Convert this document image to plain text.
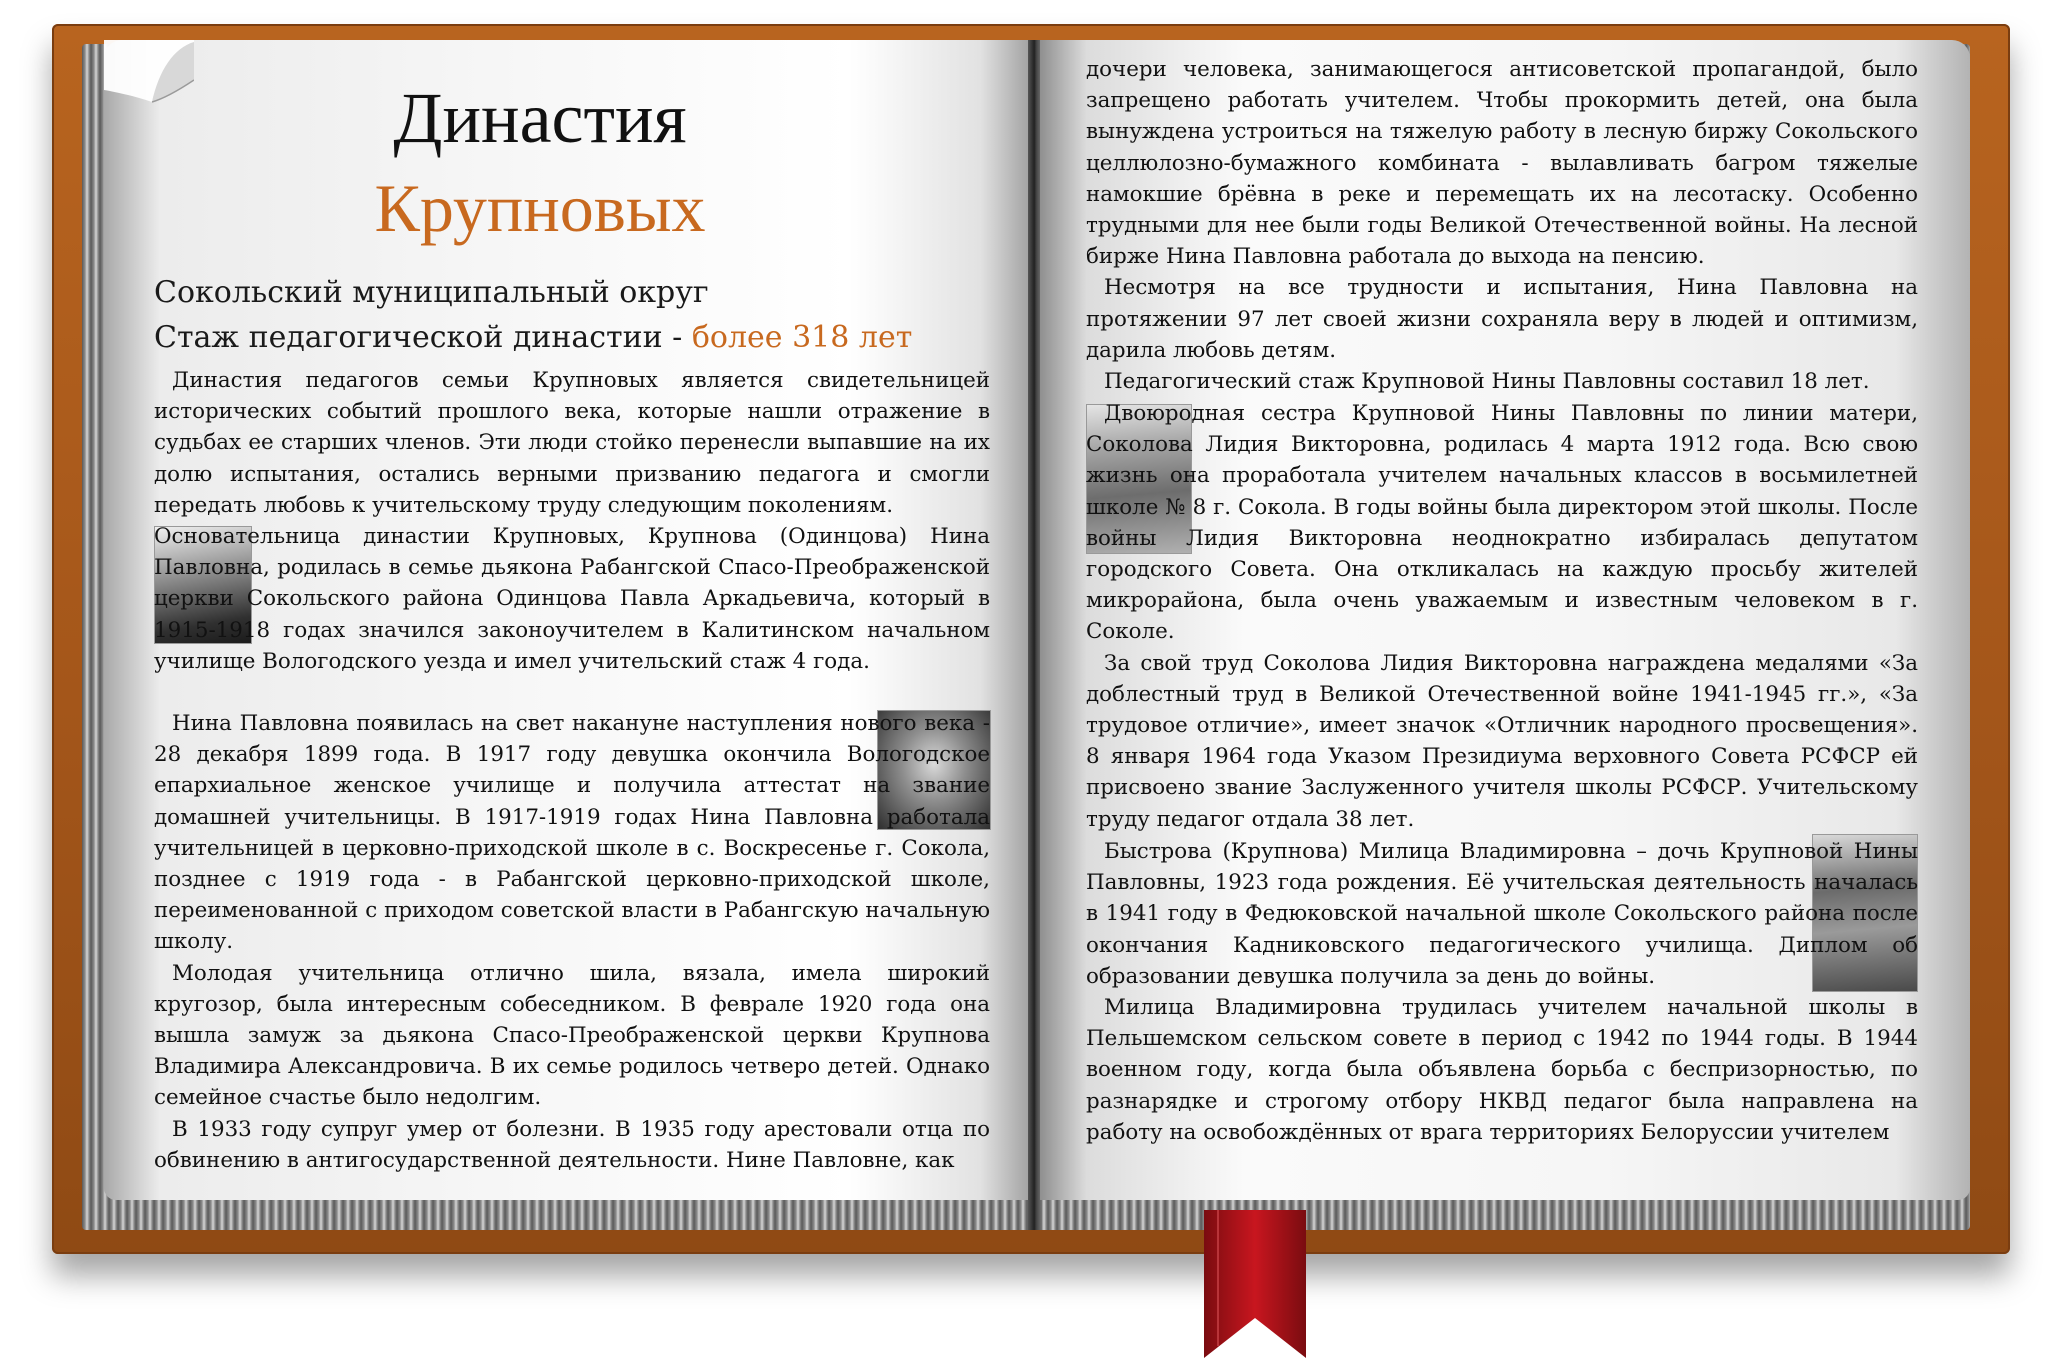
Династия
Крупновых
Сокольский муниципальный округ
Стаж педагогической династии - более 318 лет

Династия педагогов семьи Крупновых является свидетельницей исторических событий прошлого века, которые нашли отражение в судьбах ее старших членов. Эти люди стойко перенесли выпавшие на их долю испытания, остались верными призванию педагога и смогли передать любовь к учительскому труду следующим поколениям.

Основательница династии Крупновых, Крупнова (Одинцова) Нина Павловна, родилась в семье дьякона Рабангской Спасо-Преображенской церкви Сокольского района Одинцова Павла Аркадьевича, который в 1915-1918 годах значился законоучителем в Калитинском начальном училище Вологодского уезда и имел учительский стаж 4 года.

Нина Павловна появилась на свет накануне наступления нового века - 28 декабря 1899 года. В 1917 году девушка окончила Вологодское епархиальное женское училище и получила аттестат на звание домашней учительницы. В 1917-1919 годах Нина Павловна работала учительницей в церковно-приходской школе в с. Воскресенье г. Сокола, позднее с 1919 года - в Рабангской церковно-приходской школе, переименованной с приходом советской власти в Рабангскую начальную школу.

Молодая учительница отлично шила, вязала, имела широкий кругозор, была интересным собеседником. В феврале 1920 года она вышла замуж за дьякона Спасо-Преображенской церкви Крупнова Владимира Александровича. В их семье родилось четверо детей. Однако семейное счастье было недолгим.

В 1933 году супруг умер от болезни. В 1935 году арестовали отца по обвинению в антигосударственной деятельности. Нине Павловне, как

дочери человека, занимающегося антисоветской пропагандой, было запрещено работать учителем. Чтобы прокормить детей, она была вынуждена устроиться на тяжелую работу в лесную биржу Сокольского целлюлозно-бумажного комбината - вылавливать багром тяжелые намокшие брёвна в реке и перемещать их на лесотаску. Особенно трудными для нее были годы Великой Отечественной войны. На лесной бирже Нина Павловна работала до выхода на пенсию.

Несмотря на все трудности и испытания, Нина Павловна на протяжении 97 лет своей жизни сохраняла веру в людей и оптимизм, дарила любовь детям.

Педагогический стаж Крупновой Нины Павловны составил 18 лет.

Двоюродная сестра Крупновой Нины Павловны по линии матери, Соколова Лидия Викторовна, родилась 4 марта 1912 года. Всю свою жизнь она проработала учителем начальных классов в восьмилетней школе № 8 г. Сокола. В годы войны была директором этой школы. После войны Лидия Викторовна неоднократно избиралась депутатом городского Совета. Она откликалась на каждую просьбу жителей микрорайона, была очень уважаемым и известным человеком в г. Соколе.

За свой труд Соколова Лидия Викторовна награждена медалями «За доблестный труд в Великой Отечественной войне 1941-1945 гг.», «За трудовое отличие», имеет значок «Отличник народного просвещения». 8 января 1964 года Указом Президиума верховного Совета РСФСР ей присвоено звание Заслуженного учителя школы РСФСР. Учительскому труду педагог отдала 38 лет.

Быстрова (Крупнова) Милица Владимировна – дочь Крупновой Нины Павловны, 1923 года рождения. Её учительская деятельность началась в 1941 году в Федюковской начальной школе Сокольского района после окончания Кадниковского педагогического училища. Диплом об образовании девушка получила за день до войны.

Милица Владимировна трудилась учителем начальной школы в Пельшемском сельском совете в период с 1942 по 1944 годы. В 1944 военном году, когда была объявлена борьба с беспризорностью, по разнарядке и строгому отбору НКВД педагог была направлена на работу на освобождённых от врага территориях Белоруссии учителем
